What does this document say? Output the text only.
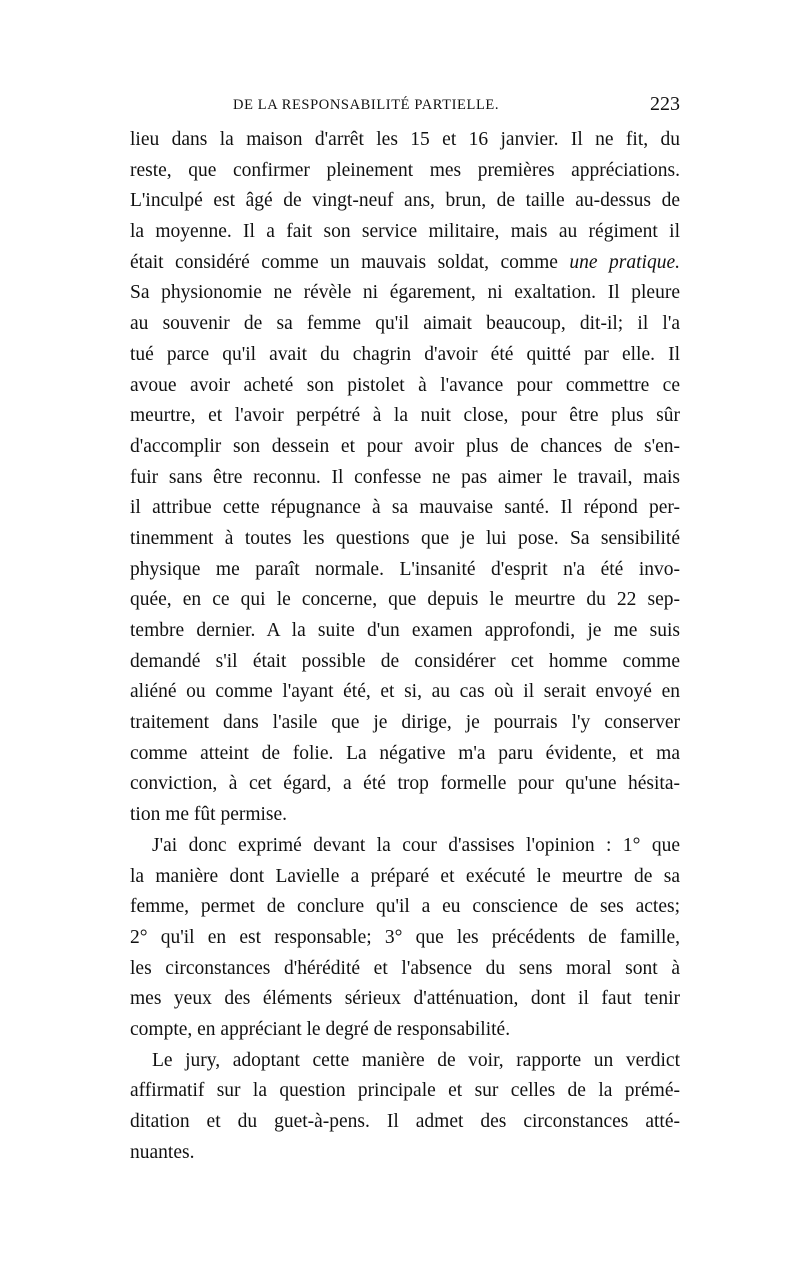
DE LA RESPONSABILITÉ PARTIELLE.	223
lieu dans la maison d'arrêt les 15 et 16 janvier. Il ne fit, du
reste, que confirmer pleinement mes premières appréciations.
L'inculpé est âgé de vingt-neuf ans, brun, de taille au-dessus de
la moyenne. Il a fait son service militaire, mais au régiment il
était considéré comme un mauvais soldat, comme une pratique.
Sa physionomie ne révèle ni égarement, ni exaltation. Il pleure
au souvenir de sa femme qu'il aimait beaucoup, dit-il; il l'a
tué parce qu'il avait du chagrin d'avoir été quitté par elle. Il
avoue avoir acheté son pistolet à l'avance pour commettre ce
meurtre, et l'avoir perpétré à la nuit close, pour être plus sûr
d'accomplir son dessein et pour avoir plus de chances de s'en-
fuir sans être reconnu. Il confesse ne pas aimer le travail, mais
il attribue cette répugnance à sa mauvaise santé. Il répond per-
tinemment à toutes les questions que je lui pose. Sa sensibilité
physique me paraît normale. L'insanité d'esprit n'a été invo-
quée, en ce qui le concerne, que depuis le meurtre du 22 sep-
tembre dernier. A la suite d'un examen approfondi, je me suis
demandé s'il était possible de considérer cet homme comme
aliéné ou comme l'ayant été, et si, au cas où il serait envoyé en
traitement dans l'asile que je dirige, je pourrais l'y conserver
comme atteint de folie. La négative m'a paru évidente, et ma
conviction, à cet égard, a été trop formelle pour qu'une hésita-
tion me fût permise.
J'ai donc exprimé devant la cour d'assises l'opinion : 1° que
la manière dont Lavielle a préparé et exécuté le meurtre de sa
femme, permet de conclure qu'il a eu conscience de ses actes;
2° qu'il en est responsable; 3° que les précédents de famille,
les circonstances d'hérédité et l'absence du sens moral sont à
mes yeux des éléments sérieux d'atténuation, dont il faut tenir
compte, en appréciant le degré de responsabilité.
Le jury, adoptant cette manière de voir, rapporte un verdict
affirmatif sur la question principale et sur celles de la prémé-
ditation et du guet-à-pens. Il admet des circonstances atté-
nuantes.
